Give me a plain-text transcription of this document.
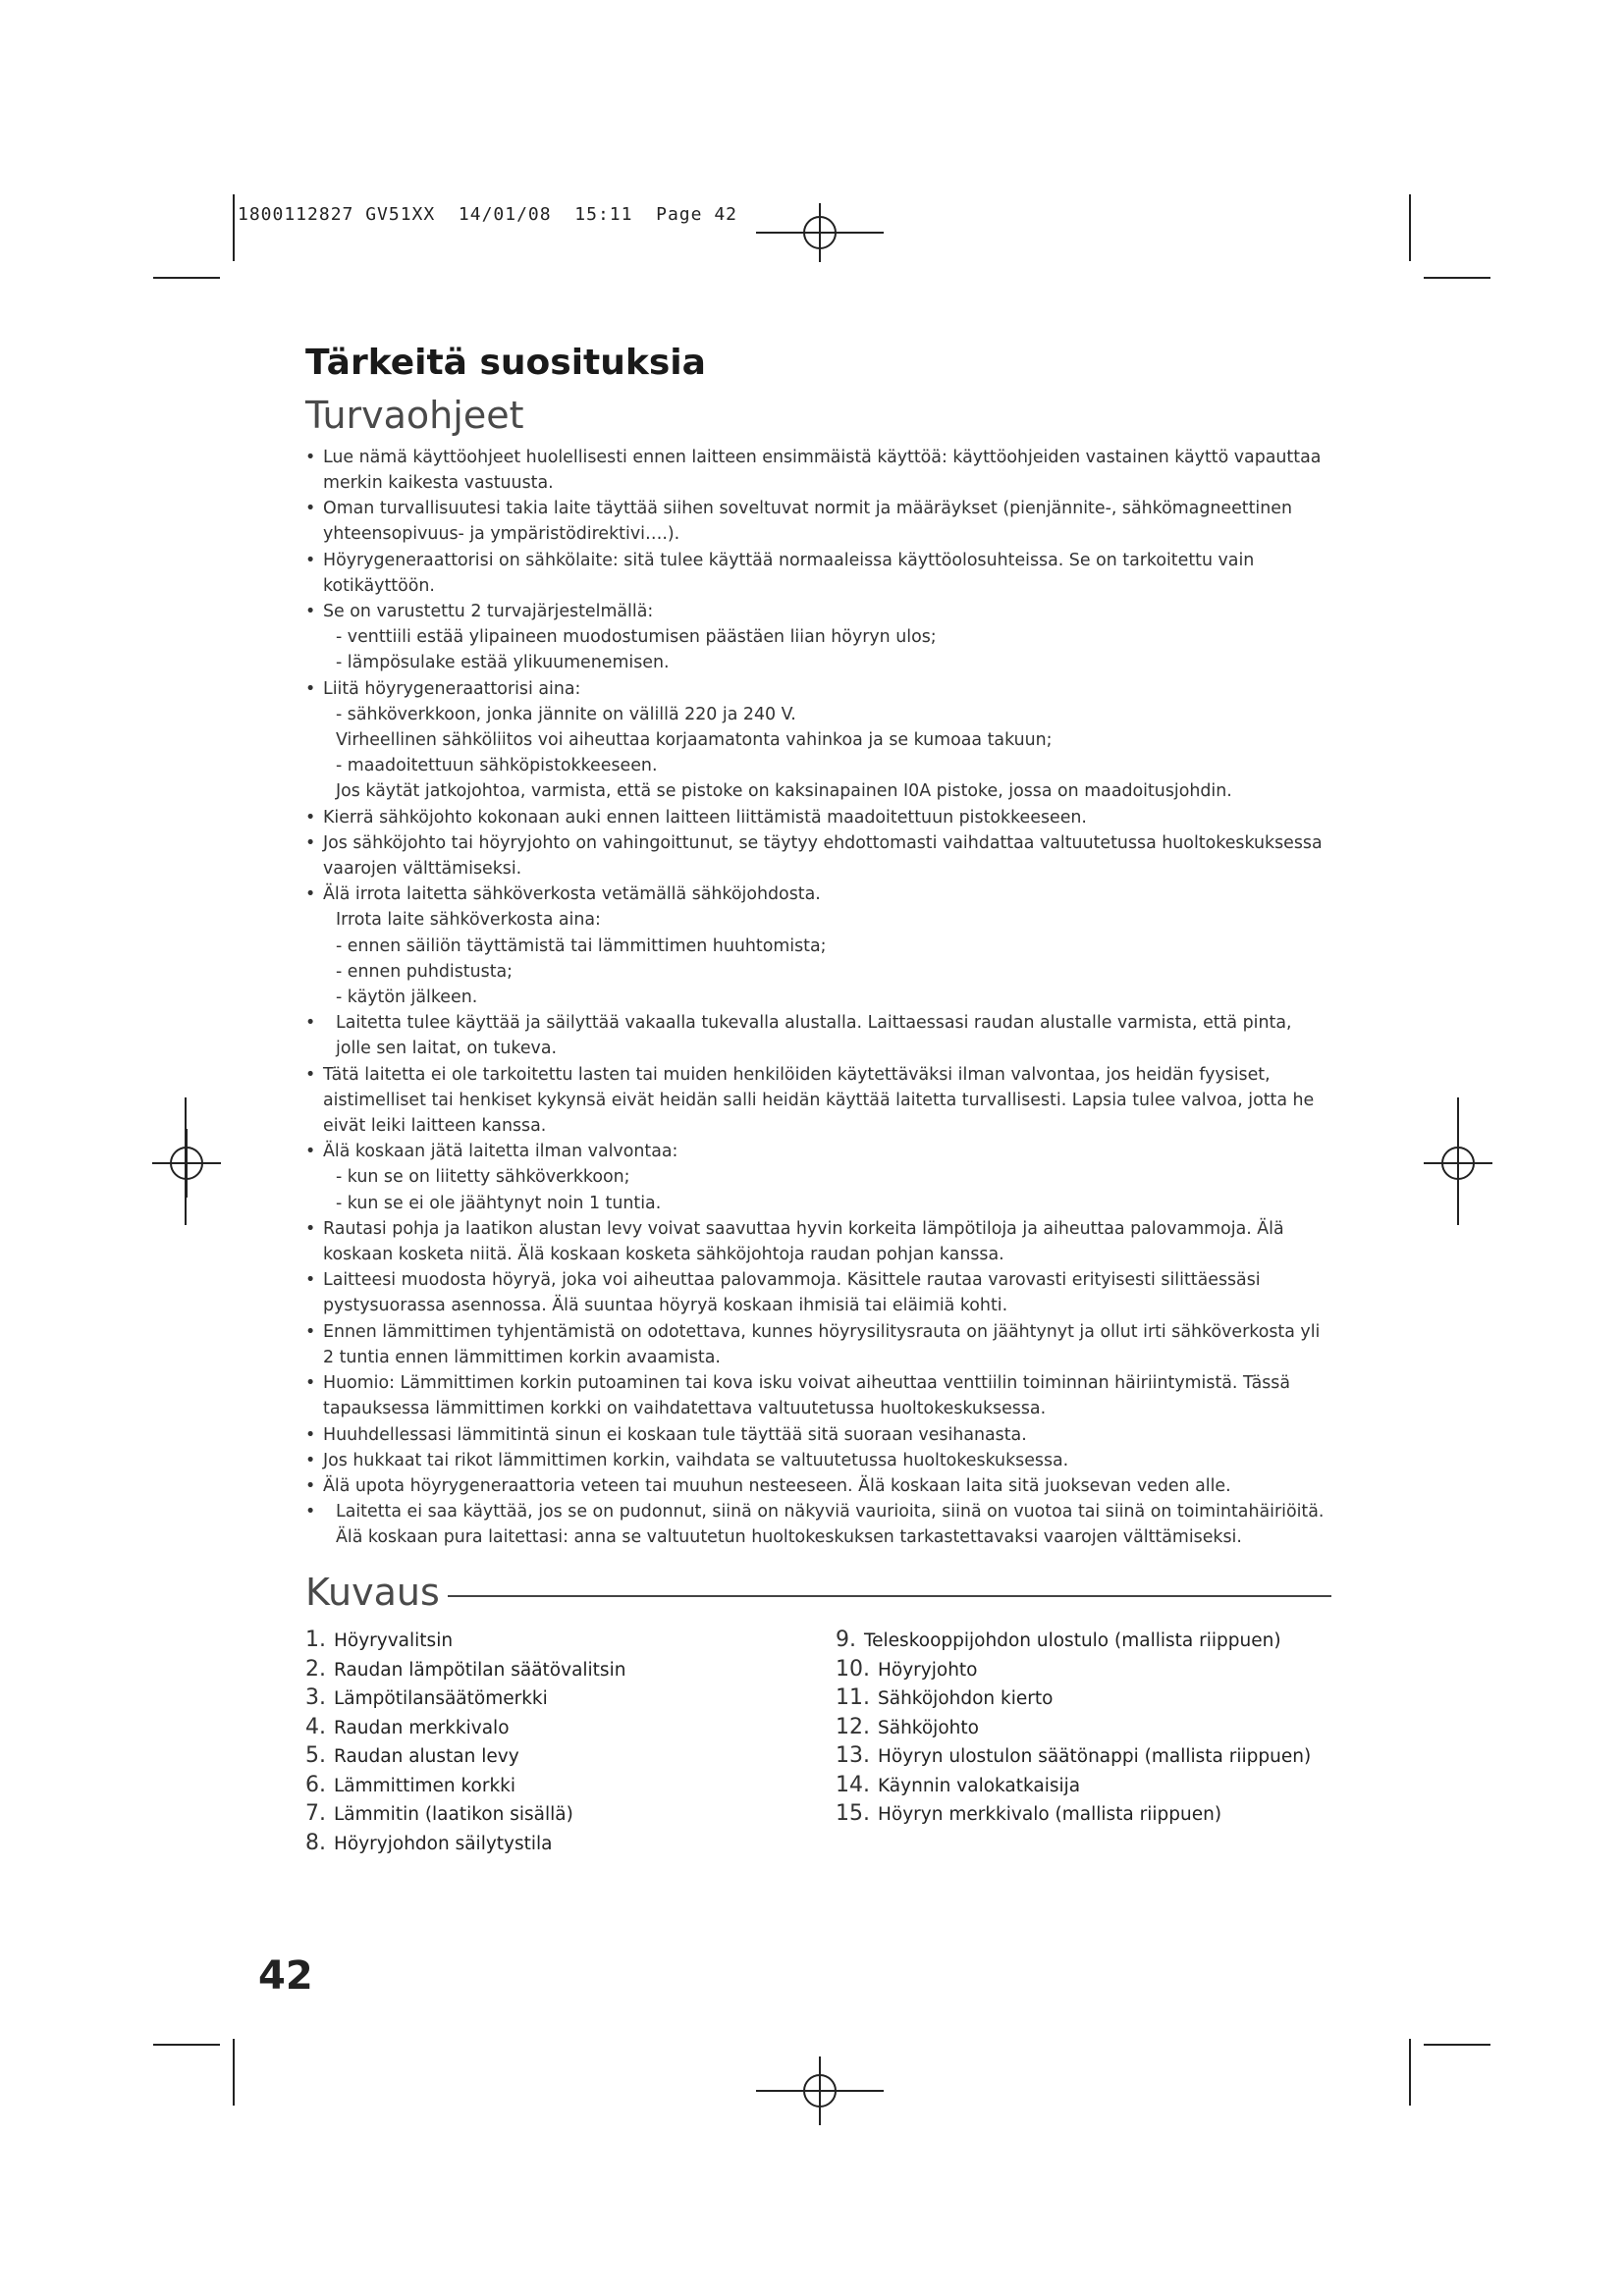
1800112827 GV51XX  14/01/08  15:11  Page 42

Tärkeitä suosituksia
Turvaohjeet
• Lue nämä käyttöohjeet huolellisesti ennen laitteen ensimmäistä käyttöä: käyttöohjeiden vastainen käyttö vapauttaa merkin kaikesta vastuusta.
• Oman turvallisuutesi takia laite täyttää siihen soveltuvat normit ja määräykset (pienjännite-, sähkömagneettinen yhteensopivuus- ja ympäristödirektivi….).
• Höyrygeneraattorisi on sähkölaite: sitä tulee käyttää normaaleissa käyttöolosuhteissa. Se on tarkoitettu vain kotikäyttöön.
• Se on varustettu 2 turvajärjestelmällä:
- venttiili estää ylipaineen muodostumisen päästäen liian höyryn ulos;
- lämpösulake estää ylikuumenemisen.
• Liitä höyrygeneraattorisi aina:
- sähköverkkoon, jonka jännite on välillä 220 ja 240 V.
Virheellinen sähköliitos voi aiheuttaa korjaamatonta vahinkoa ja se kumoaa takuun;
- maadoitettuun sähköpistokkeeseen.
Jos käytät jatkojohtoa, varmista, että se pistoke on kaksinapainen I0A pistoke, jossa on maadoitusjohdin.
• Kierrä sähköjohto kokonaan auki ennen laitteen liittämistä maadoitettuun pistokkeeseen.
• Jos sähköjohto tai höyryjohto on vahingoittunut, se täytyy ehdottomasti vaihdattaa valtuutetussa huoltokeskuksessa vaarojen välttämiseksi.
• Älä irrota laitetta sähköverkosta vetämällä sähköjohdosta.
Irrota laite sähköverkosta aina:
- ennen säiliön täyttämistä tai lämmittimen huuhtomista;
- ennen puhdistusta;
- käytön jälkeen.
• Laitetta tulee käyttää ja säilyttää vakaalla tukevalla alustalla. Laittaessasi raudan alustalle varmista, että pinta, jolle sen laitat, on tukeva.
• Tätä laitetta ei ole tarkoitettu lasten tai muiden henkilöiden käytettäväksi ilman valvontaa, jos heidän fyysiset, aistimelliset tai henkiset kykynsä eivät heidän salli heidän käyttää laitetta turvallisesti. Lapsia tulee valvoa, jotta he eivät leiki laitteen kanssa.
• Älä koskaan jätä laitetta ilman valvontaa:
- kun se on liitetty sähköverkkoon;
- kun se ei ole jäähtynyt noin 1 tuntia.
• Rautasi pohja ja laatikon alustan levy voivat saavuttaa hyvin korkeita lämpötiloja ja aiheuttaa palovammoja. Älä koskaan kosketa niitä. Älä koskaan kosketa sähköjohtoja raudan pohjan kanssa.
• Laitteesi muodosta höyryä, joka voi aiheuttaa palovammoja. Käsittele rautaa varovasti erityisesti silittäessäsi pystysuorassa asennossa. Älä suuntaa höyryä koskaan ihmisiä tai eläimiä kohti.
• Ennen lämmittimen tyhjentämistä on odotettava, kunnes höyrysilitysrauta on jäähtynyt ja ollut irti sähköverkosta yli 2 tuntia ennen lämmittimen korkin avaamista.
• Huomio: Lämmittimen korkin putoaminen tai kova isku voivat aiheuttaa venttiilin toiminnan häiriintymistä. Tässä tapauksessa lämmittimen korkki on vaihdatettava valtuutetussa huoltokeskuksessa.
• Huuhdellessasi lämmitintä sinun ei koskaan tule täyttää sitä suoraan vesihanasta.
• Jos hukkaat tai rikot lämmittimen korkin, vaihdata se valtuutetussa huoltokeskuksessa.
• Älä upota höyrygeneraattoria veteen tai muuhun nesteeseen. Älä koskaan laita sitä juoksevan veden alle.
• Laitetta ei saa käyttää, jos se on pudonnut, siinä on näkyviä vaurioita, siinä on vuotoa tai siinä on toimintahäiriöitä. Älä koskaan pura laitettasi: anna se valtuutetun huoltokeskuksen tarkastettavaksi vaarojen välttämiseksi.
Kuvaus
1. Höyryvalitsin
2. Raudan lämpötilan säätövalitsin
3. Lämpötilansäätömerkki
4. Raudan merkkivalo
5. Raudan alustan levy
6. Lämmittimen korkki
7. Lämmitin (laatikon sisällä)
8. Höyryjohdon säilytystila
9. Teleskooppijohdon ulostulo (mallista riippuen)
10. Höyryjohto
11. Sähköjohdon kierto
12. Sähköjohto
13. Höyryn ulostulon säätönappi (mallista riippuen)
14. Käynnin valokatkaisija
15. Höyryn merkkivalo (mallista riippuen)
42
